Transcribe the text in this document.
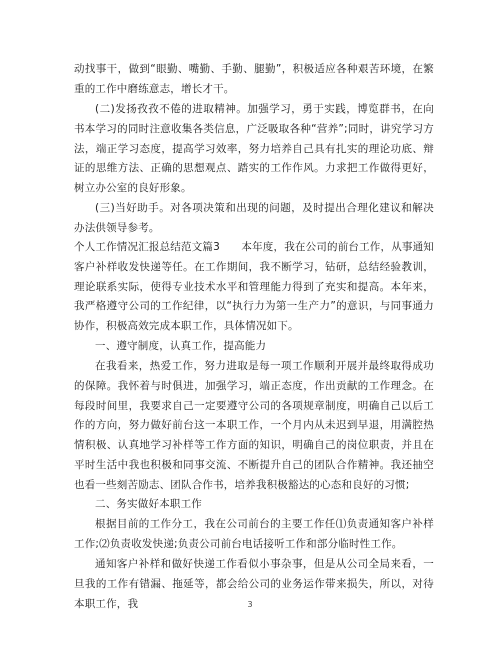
动找事干，做到“眼勤、嘴勤、手勤、腿勤”，积极适应各种艰苦环境，在繁重的工作中磨练意志，增长才干。

(二)发扬孜孜不倦的进取精神。加强学习，勇于实践，博览群书，在向书本学习的同时注意收集各类信息，广泛吸取各种“营养”;同时，讲究学习方法，端正学习态度，提高学习效率，努力培养自己具有扎实的理论功底、辩证的思维方法、正确的思想观点、踏实的工作作风。力求把工作做得更好，树立办公室的良好形象。

(三)当好助手。对各项决策和出现的问题，及时提出合理化建议和解决办法供领导参考。

个人工作情况汇报总结范文篇3　　本年度，我在公司的前台工作，从事通知客户补样收发快递等任。在工作期间，我不断学习，钻研，总结经验教训，理论联系实际，使得专业技术水平和管理能力得到了充实和提高。本年来，我严格遵守公司的工作纪律，以“执行力为第一生产力”的意识，与同事通力协作，积极高效完成本职工作，具体情况如下。

一、遵守制度，认真工作，提高能力

在我看来，热爱工作，努力进取是每一项工作顺利开展并最终取得成功的保障。我怀着与时俱进，加强学习，端正态度，作出贡献的工作理念。在每段时间里，我要求自己一定要遵守公司的各项规章制度，明确自己以后工作的方向，努力做好前台这一本职工作，一个月内从未迟到早退，用满腔热情积极、认真地学习补样等工作方面的知识，明确自己的岗位职责，并且在平时生活中我也积极和同事交流、不断提升自己的团队合作精神。我还抽空也看一些刻苦励志、团队合作书，培养我积极豁达的心态和良好的习惯;

二、务实做好本职工作

根据目前的工作分工，我在公司前台的主要工作任⑴负责通知客户补样工作;⑵负责收发快递;负责公司前台电话接听工作和部分临时性工作。

通知客户补样和做好快递工作看似小事杂事，但是从公司全局来看，一旦我的工作有错漏、拖延等，都会给公司的业务运作带来损失，所以，对待本职工作，我	3
